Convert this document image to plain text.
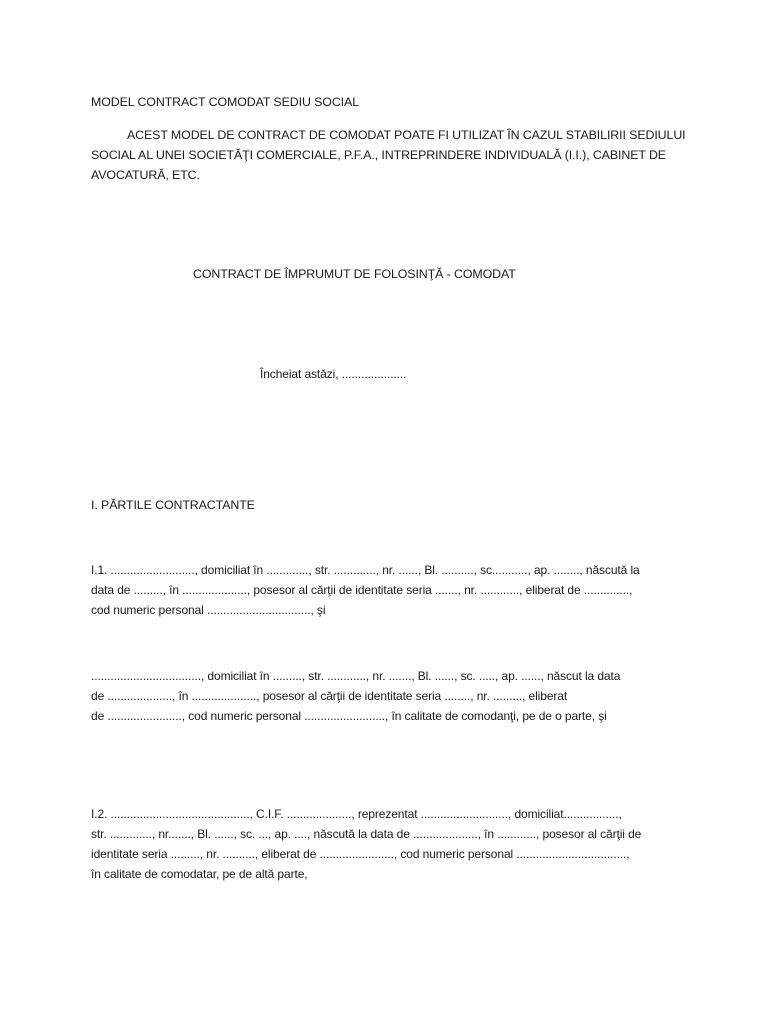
MODEL CONTRACT COMODAT SEDIU SOCIAL
ACEST MODEL DE CONTRACT DE COMODAT POATE FI UTILIZAT ÎN CAZUL STABILIRII SEDIULUI
SOCIAL AL UNEI SOCIETĂŢI COMERCIALE, P.F.A., INTREPRINDERE INDIVIDUALĂ (I.I.), CABINET DE
AVOCATURĂ, ETC.
CONTRACT DE ÎMPRUMUT DE FOLOSINŢĂ - COMODAT
Încheiat astăzi, ....................
I. PĂRTILE CONTRACTANTE
I.1. .........................., domiciliat în ............., str. ............., nr. ......, Bl. .........., sc..........., ap. ........, născută la
data de ........., în ...................., posesor al cărţii de identitate seria ......., nr. ............, eliberat de ..............,
cod numeric personal ................................, şi
.................................., domiciliat în ........., str. ............, nr. ......., Bl. ......, sc. ....., ap. ......, născut la data
de ...................., în ...................., posesor al cărţii de identitate seria ........, nr. ........., eliberat
de ......................., cod numeric personal ........................., în calitate de comodanţi, pe de o parte, şi
I.2. ..........................................., C.I.F. ...................., reprezentat ..........................., domiciliat.................,
str. ............., nr......., Bl. ......, sc. ..., ap. ...., născută la data de ...................., în ............, posesor al cărţii de
identitate seria ........., nr. .........., eliberat de ......................., cod numeric personal ..................................,
în calitate de comodatar, pe de altă parte,
